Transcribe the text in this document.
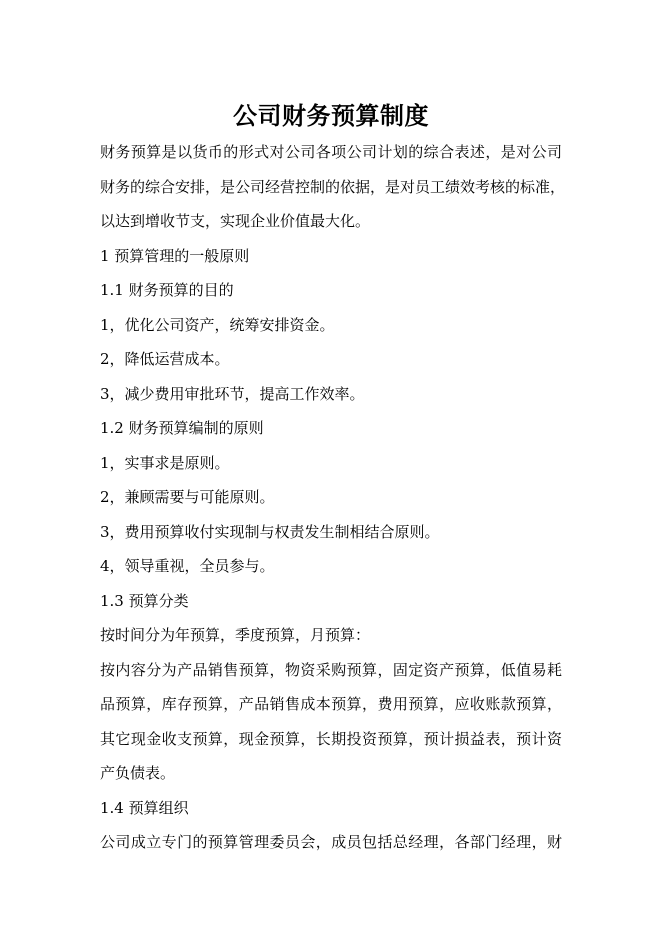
公司财务预算制度
财务预算是以货币的形式对公司各项公司计划的综合表述，是对公司
财务的综合安排，是公司经营控制的依据，是对员工绩效考核的标准，
以达到增收节支，实现企业价值最大化。

1 预算管理的一般原则

1.1 财务预算的目的

1，优化公司资产，统筹安排资金。

2，降低运营成本。

3，减少费用审批环节，提高工作效率。

1.2 财务预算编制的原则

1，实事求是原则。

2，兼顾需要与可能原则。

3，费用预算收付实现制与权责发生制相结合原则。

4，领导重视，全员参与。

1.3 预算分类

按时间分为年预算，季度预算，月预算：

按内容分为产品销售预算，物资采购预算，固定资产预算，低值易耗
品预算，库存预算，产品销售成本预算，费用预算，应收账款预算，
其它现金收支预算，现金预算，长期投资预算，预计损益表，预计资
产负债表。

1.4 预算组织

公司成立专门的预算管理委员会，成员包括总经理，各部门经理，财
